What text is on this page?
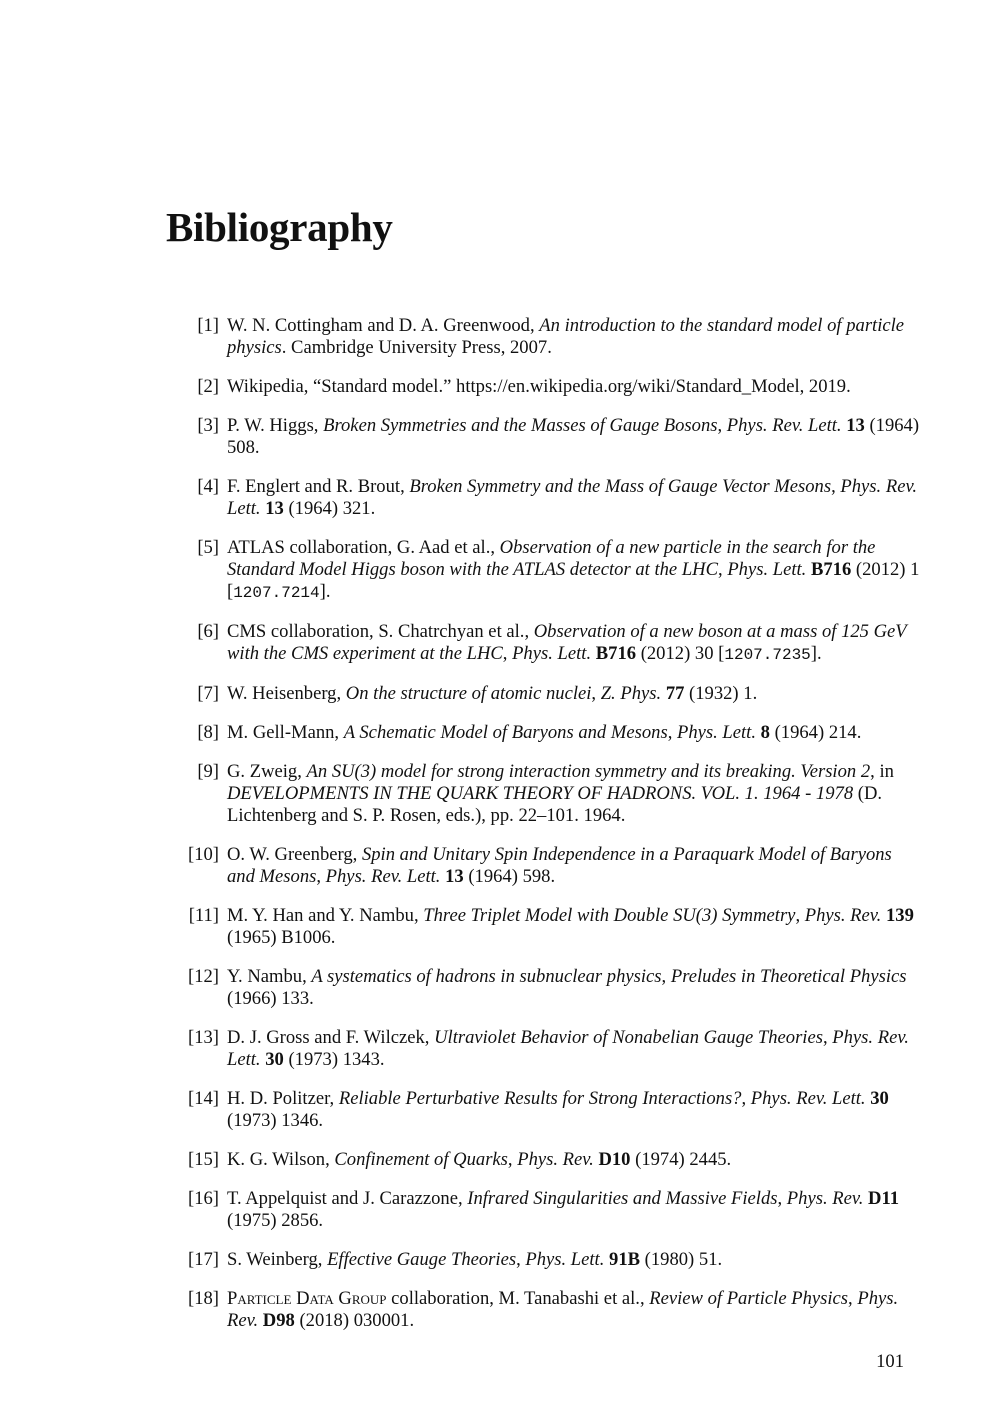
Bibliography
[1] W. N. Cottingham and D. A. Greenwood, An introduction to the standard model of particle physics. Cambridge University Press, 2007.
[2] Wikipedia, “Standard model.” https://en.wikipedia.org/wiki/Standard_Model, 2019.
[3] P. W. Higgs, Broken Symmetries and the Masses of Gauge Bosons, Phys. Rev. Lett. 13 (1964) 508.
[4] F. Englert and R. Brout, Broken Symmetry and the Mass of Gauge Vector Mesons, Phys. Rev. Lett. 13 (1964) 321.
[5] ATLAS collaboration, G. Aad et al., Observation of a new particle in the search for the Standard Model Higgs boson with the ATLAS detector at the LHC, Phys. Lett. B716 (2012) 1 [1207.7214].
[6] CMS collaboration, S. Chatrchyan et al., Observation of a new boson at a mass of 125 GeV with the CMS experiment at the LHC, Phys. Lett. B716 (2012) 30 [1207.7235].
[7] W. Heisenberg, On the structure of atomic nuclei, Z. Phys. 77 (1932) 1.
[8] M. Gell-Mann, A Schematic Model of Baryons and Mesons, Phys. Lett. 8 (1964) 214.
[9] G. Zweig, An SU(3) model for strong interaction symmetry and its breaking. Version 2, in DEVELOPMENTS IN THE QUARK THEORY OF HADRONS. VOL. 1. 1964 - 1978 (D. Lichtenberg and S. P. Rosen, eds.), pp. 22–101. 1964.
[10] O. W. Greenberg, Spin and Unitary Spin Independence in a Paraquark Model of Baryons and Mesons, Phys. Rev. Lett. 13 (1964) 598.
[11] M. Y. Han and Y. Nambu, Three Triplet Model with Double SU(3) Symmetry, Phys. Rev. 139 (1965) B1006.
[12] Y. Nambu, A systematics of hadrons in subnuclear physics, Preludes in Theoretical Physics (1966) 133.
[13] D. J. Gross and F. Wilczek, Ultraviolet Behavior of Nonabelian Gauge Theories, Phys. Rev. Lett. 30 (1973) 1343.
[14] H. D. Politzer, Reliable Perturbative Results for Strong Interactions?, Phys. Rev. Lett. 30 (1973) 1346.
[15] K. G. Wilson, Confinement of Quarks, Phys. Rev. D10 (1974) 2445.
[16] T. Appelquist and J. Carazzone, Infrared Singularities and Massive Fields, Phys. Rev. D11 (1975) 2856.
[17] S. Weinberg, Effective Gauge Theories, Phys. Lett. 91B (1980) 51.
[18] Particle Data Group collaboration, M. Tanabashi et al., Review of Particle Physics, Phys. Rev. D98 (2018) 030001.
101
